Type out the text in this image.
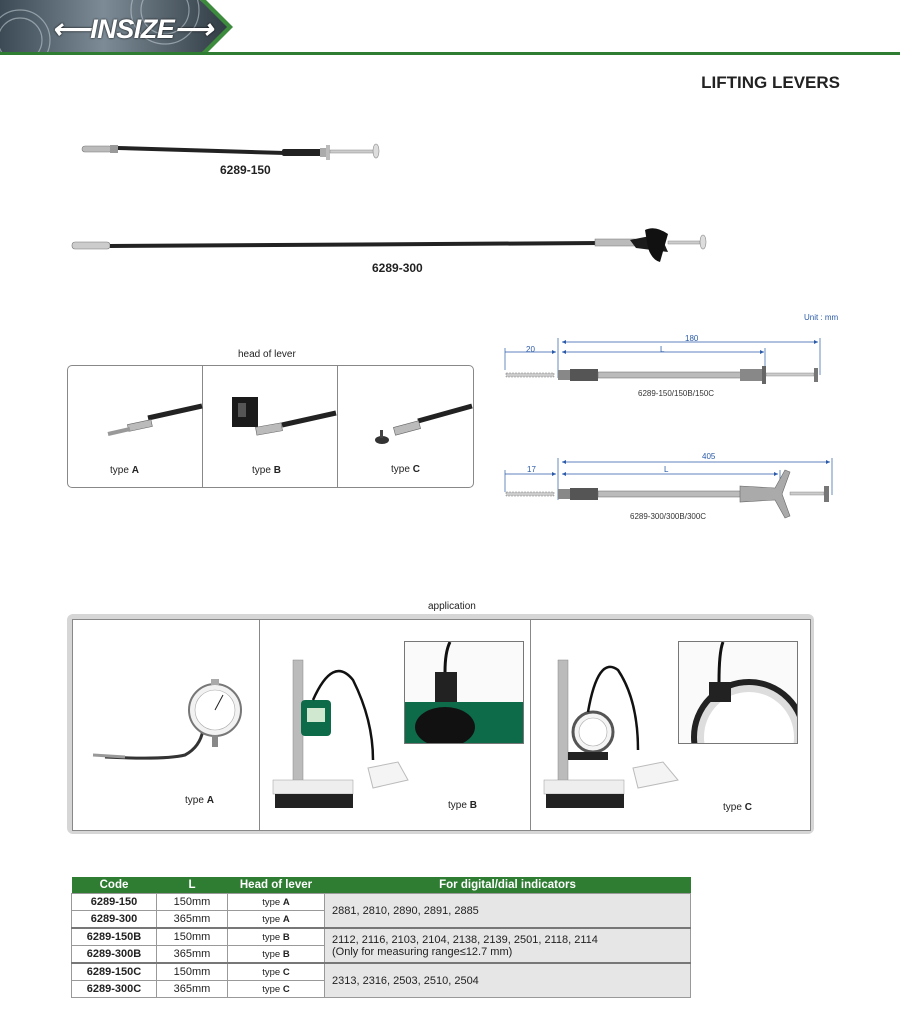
⟵INSIZE⟶
LIFTING LEVERS
6289-150
6289-300
head of lever
type A	type B	type C
Unit : mm
20
180
L
6289-150/150B/150C
17
405
L
6289-300/300B/300C
application
type A	type B	type C
Code	L	Head of lever	For digital/dial indicators
6289-150	150mm	type A	2881, 2810, 2890, 2891, 2885

6289-300	365mm	type A	
6289-150B	150mm	type B	2112, 2116, 2103, 2104, 2138, 2139, 2501, 2118, 2114
(Only for measuring range≤12.7 mm)

6289-300B	365mm	type B	
6289-150C	150mm	type C	2313, 2316, 2503, 2510, 2504

6289-300C	365mm	type C	
